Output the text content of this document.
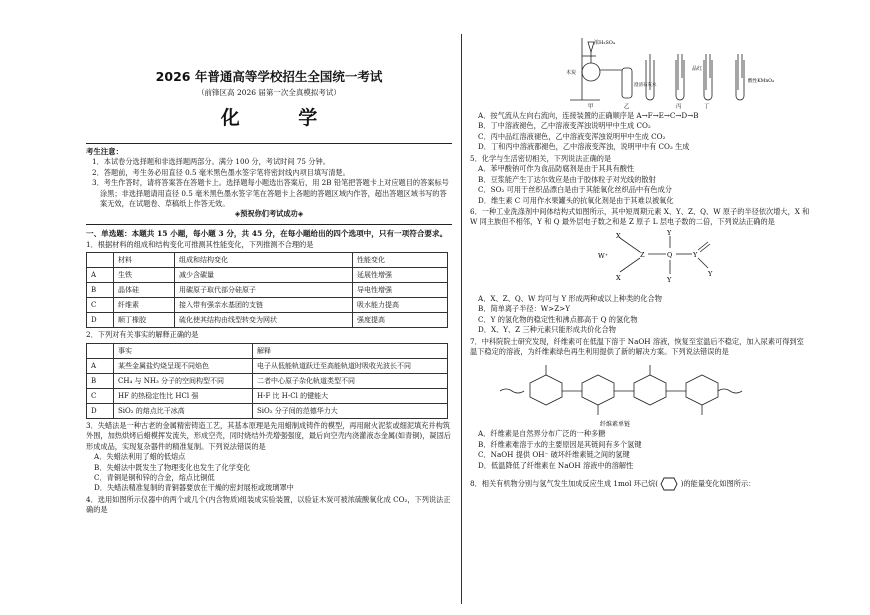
2026 年普通高等学校招生全国统一考试
（前锋区高 2026 届第一次全真模拟考试）
化 学
考生注意：

1．本试卷分选择题和非选择题两部分。满分 100 分，考试时间 75 分钟。

2．答题前，考生务必用直径 0.5 毫米黑色墨水签字笔将密封线内项目填写清楚。

3．考生作答时，请将答案答在答题卡上。选择题每小题选出答案后，用 2B 铅笔把答题卡上对应题目的答案标号涂黑；非选择题请用直径 0.5 毫米黑色墨水签字笔在答题卡上各题的答题区域内作答，超出答题区域书写的答案无效，在试题卷、草稿纸上作答无效。

◈预祝你们考试成功◈
一、单选题：本题共 15 小题，每小题 3 分，共 45 分，在每小题给出的四个选项中，只有一项符合要求。
1．根据材料的组成和结构变化可推测其性能变化，下列推测不合理的是
	材料	组成和结构变化	性能变化
A	生铁	减少含碳量	延展性增强
B	晶体硅	用碳原子取代部分硅原子	导电性增强
C	纤维素	接入带有强亲水基团的支链	吸水能力提高
D	顺丁橡胶	硫化使其结构由线型转变为网状	强度提高
2．下列对有关事实的解释正确的是
	事实	解释
A	某些金属盐灼烧呈现不同焰色	电子从低能轨道跃迁至高能轨道时吸收光波长不同
B	CH₄ 与 NH₃ 分子的空间构型不同	二者中心原子杂化轨道类型不同
C	HF 的热稳定性比 HCl 强	H-F 比 H-Cl 的键能大
D	SiO₂ 的熔点比干冰高	SiO₂ 分子间的范德华力大
3．失蜡法是一种古老的金属精密铸造工艺，其基本原理是先用蜡制成铸件的模型，再用耐火泥浆或细泥填充并构筑外围，加热烘烤后蜡模挥发流失，形成空壳，同时烧结外壳增强强度，最后向空壳内浇灌液态金属(如青铜)，凝固后形成成品，实现复杂器件的精准复制。下列说法错误的是

A．失蜡法利用了蜡的低熔点

B．失蜡法中既发生了物理变化也发生了化学变化

C．青铜是铜和锌的合金，熔点比铜低

D．失蜡法精准复制的青铜器要放在干燥的密封展柜或玻璃罩中

4．选用如图所示仪器中的两个或几个(内含物质)组装成实验装置，以验证木炭可被浓硫酸氧化成 CO₂，下列说法正确的是
浓H₂SO₄
木炭
甲	乙
澄清石灰水
丙
品红
丁
酸性KMnO₄

A．按气流从左向右流向，连接装置的正确顺序是 A→F→E→C→D→B

B．丁中溶液褪色，乙中溶液变浑浊说明甲中生成 CO₂

C．丙中品红溶液褪色，乙中溶液变浑浊说明甲中生成 CO₂

D．丁和丙中溶液都褪色，乙中溶液变浑浊，说明甲中有 CO₂ 生成

5．化学与生活密切相关，下列说法正确的是

A．苯甲酸钠可作为食品防腐剂是由于其具有酸性

B．豆浆能产生丁达尔效应是由于胶体粒子对光线的散射

C．SO₂ 可用于丝织品漂白是由于其能氧化丝织品中有色成分

D．维生素 C 可用作水果罐头的抗氧化剂是由于其难以被氧化

6．一种工业洗涤剂中间体结构式如图所示，其中短周期元素 X、Y、Z、Q、W 原子的半径依次增大，X 和 W 同主族但不相邻，Y 和 Q 最外层电子数之和是 Z 原子 L 层电子数的二倍，下列说法正确的是
W⁺
X
X
Z	Q
Y
Y
Y
Y

A．X、Z、Q、W 均可与 Y 形成两种或以上种类的化合物

B．简单离子半径：W>Z>Y

C．Y 的氢化物的稳定性和沸点都高于 Q 的氢化物

D．X、Y、Z 三种元素只能形成共价化合物

7．中科院院士研究发现，纤维素可在低温下溶于 NaOH 溶液，恢复至室温后不稳定，加入尿素可得到室温下稳定的溶液，为纤维素绿色再生利用提供了新的解决方案。下列说法错误的是
纤维素单链

A．纤维素是自然界分布广泛的一种多糖

B．纤维素难溶于水的主要原因是其链间有多个氢键

C．NaOH 提供 OH⁻ 破坏纤维素链之间的氢键

D．低温降低了纤维素在 NaOH 溶液中的溶解性

8．相关有机物分别与氢气发生加成反应生成 1mol 环己烷(	)的能量变化如图所示：
